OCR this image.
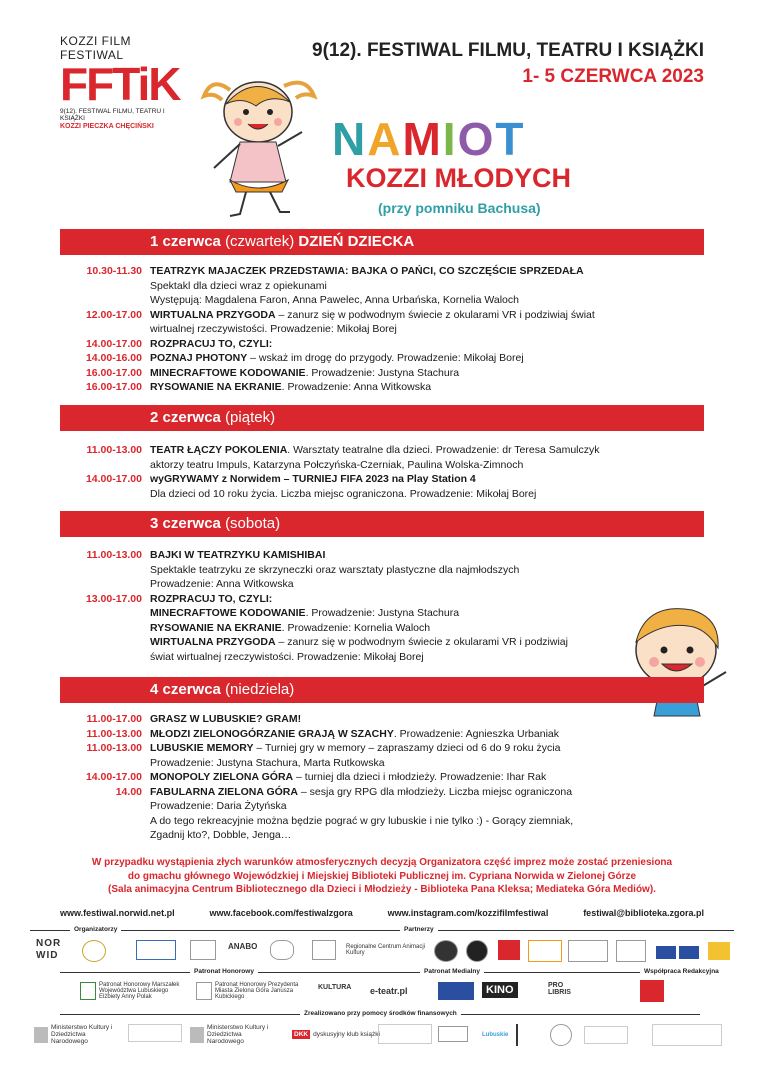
KOZZI FILM FESTIWAL
FFTiK
9(12). FESTIWAL FILMU, TEATRU I KSIĄŻKI
KOZZI PIECZKA CHĘCIŃSKI
9(12). FESTIWAL FILMU, TEATRU I KSIĄŻKI
1- 5 CZERWCA 2023
NAMIOT
KOZZI MŁODYCH
(przy pomniku Bachusa)
1 czerwca (czwartek) DZIEŃ DZIECKA
10.30-11.30 TEATRZYK MAJACZEK PRZEDSTAWIA: BAJKA O PAŃCI, CO SZCZĘŚCIE SPRZEDAŁA
Spektakl dla dzieci wraz z opiekunami
Występują: Magdalena Faron, Anna Pawelec, Anna Urbańska, Kornelia Waloch
12.00-17.00 WIRTUALNA PRZYGODA – zanurz się w podwodnym świecie z okularami VR i podziwiaj świat
wirtualnej rzeczywistości. Prowadzenie: Mikołaj Borej
14.00-17.00 ROZPRACUJ TO, CZYLI:
14.00-16.00 POZNAJ PHOTONY – wskaż im drogę do przygody. Prowadzenie: Mikołaj Borej
16.00-17.00 MINECRAFTOWE KODOWANIE. Prowadzenie: Justyna Stachura
16.00-17.00 RYSOWANIE NA EKRANIE. Prowadzenie: Anna Witkowska
2 czerwca (piątek)
11.00-13.00 TEATR ŁĄCZY POKOLENIA. Warsztaty teatralne dla dzieci. Prowadzenie: dr Teresa Samulczyk
aktorzy teatru Impuls, Katarzyna Połczyńska-Czerniak, Paulina Wolska-Zimnoch
14.00-17.00 wyGRYWAMY z Norwidem – TURNIEJ FIFA 2023 na Play Station 4
Dla dzieci od 10 roku życia. Liczba miejsc ograniczona. Prowadzenie: Mikołaj Borej
3 czerwca (sobota)
11.00-13.00 BAJKI W TEATRZYKU KAMISHIBAI
Spektakle teatrzyku ze skrzyneczki oraz warsztaty plastyczne dla najmłodszych
Prowadzenie: Anna Witkowska
13.00-17.00 ROZPRACUJ TO, CZYLI:
MINECRAFTOWE KODOWANIE. Prowadzenie: Justyna Stachura
RYSOWANIE NA EKRANIE. Prowadzenie: Kornelia Waloch
WIRTUALNA PRZYGODA – zanurz się w podwodnym świecie z okularami VR i podziwiaj
świat wirtualnej rzeczywistości. Prowadzenie: Mikołaj Borej
4 czerwca (niedziela)
11.00-17.00 GRASZ W LUBUSKIE? GRAM!
11.00-13.00 MŁODZI ZIELONOGÓRZANIE GRAJĄ W SZACHY. Prowadzenie: Agnieszka Urbaniak
11.00-13.00 LUBUSKIE MEMORY – Turniej gry w memory – zapraszamy dzieci od 6 do 9 roku życia
Prowadzenie: Justyna Stachura, Marta Rutkowska
14.00-17.00 MONOPOLY ZIELONA GÓRA – turniej dla dzieci i młodzieży. Prowadzenie: Ihar Rak
14.00 FABULARNA ZIELONA GÓRA – sesja gry RPG dla młodzieży. Liczba miejsc ograniczona
Prowadzenie: Daria Żytyńska
A do tego rekreacyjnie można będzie pograć w gry lubuskie i nie tylko :) - Gorący ziemniak,
Zgadnij kto?, Dobble, Jenga…
W przypadku wystąpienia złych warunków atmosferycznych decyzją Organizatora część imprez może zostać przeniesiona
do gmachu głównego Wojewódzkiej i Miejskiej Biblioteki Publicznej im. Cypriana Norwida w Zielonej Górze
(Sala animacyjna Centrum Bibliotecznego dla Dzieci i Młodzieży - Biblioteka Pana Kleksa; Mediateka Góra Mediów).
www.festiwal.norwid.net.pl	www.facebook.com/festiwalzgora	www.instagram.com/kozzifilmfestiwal	festiwal@biblioteka.zgora.pl
Organizatorzy	Partnerzy
NOR WID
ANABO	Regionalne Centrum Animacji Kultury
Patronat Honorowy	Patronat Medialny	Współpraca Redakcyjna
Patronat Honorowy Marszałek Województwa Lubuskiego Elżbiety Anny Polak
Patronat Honorowy Prezydenta Miasta Zielona Góra Janusza Kubickiego
KULTURA e-teatr.pl	KINO	PRO LIBRIS
Zrealizowano przy pomocy środków finansowych
Ministerstwo Kultury i Dziedzictwa Narodowego
Ministerstwo Kultury i Dziedzictwa Narodowego
DKK dyskusyjny klub książki	Lubuskie
